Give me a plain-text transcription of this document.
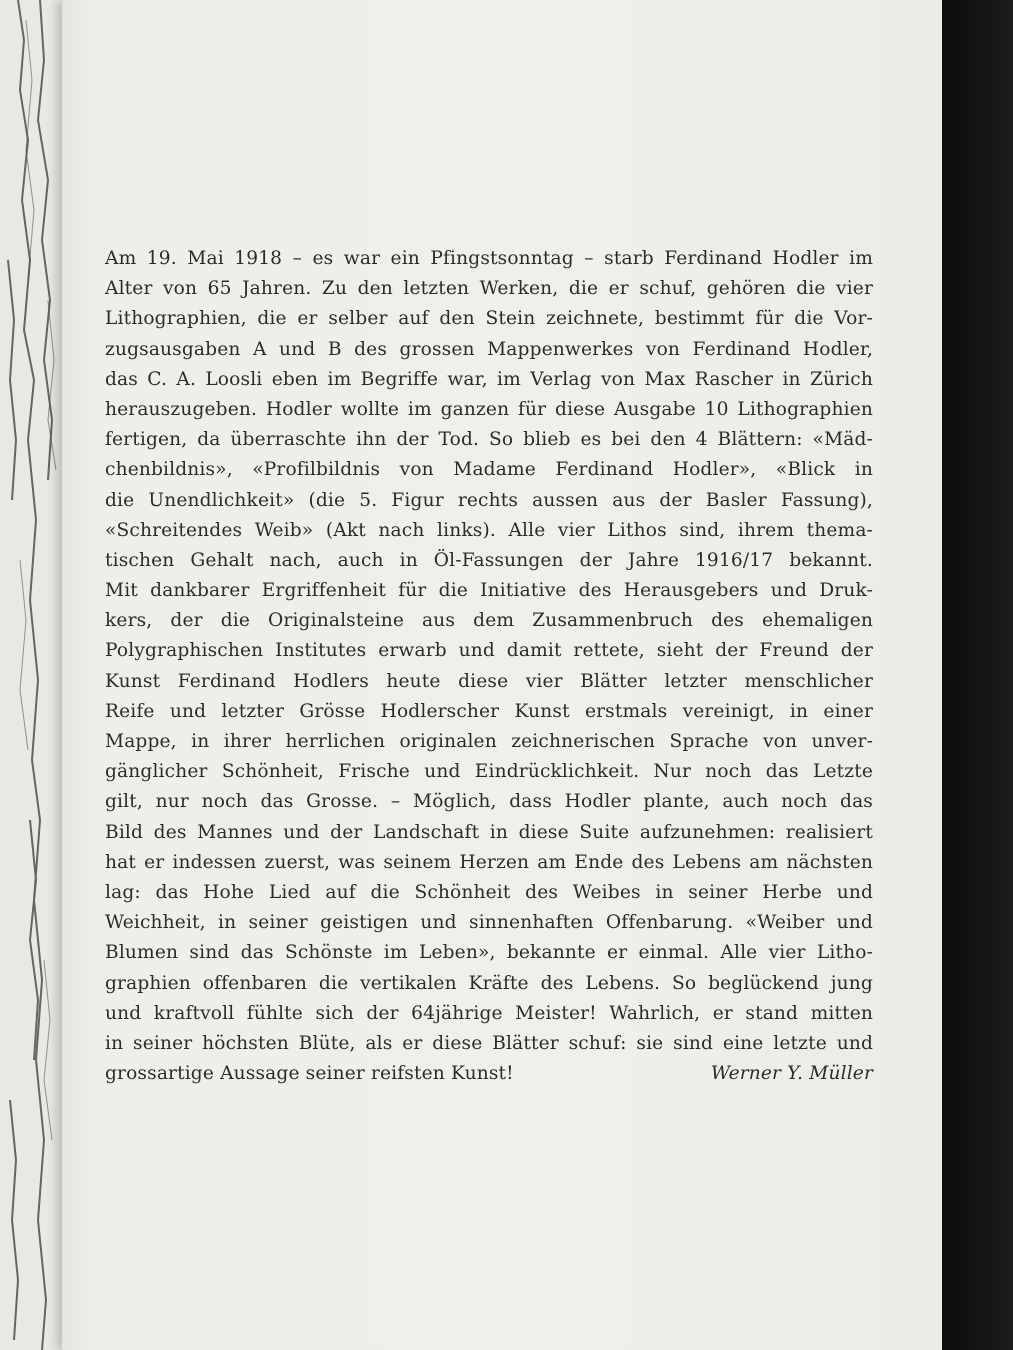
Am 19. Mai 1918 – es war ein Pfingstsonntag – starb Ferdinand Hodler im
Alter von 65 Jahren. Zu den letzten Werken, die er schuf, gehören die vier
Lithographien, die er selber auf den Stein zeichnete, bestimmt für die Vor-
zugsausgaben A und B des grossen Mappenwerkes von Ferdinand Hodler,
das C. A. Loosli eben im Begriffe war, im Verlag von Max Rascher in Zürich
herauszugeben. Hodler wollte im ganzen für diese Ausgabe 10 Lithographien
fertigen, da überraschte ihn der Tod. So blieb es bei den 4 Blättern: «Mäd-
chenbildnis», «Profilbildnis von Madame Ferdinand Hodler», «Blick in
die Unendlichkeit» (die 5. Figur rechts aussen aus der Basler Fassung),
«Schreitendes Weib» (Akt nach links). Alle vier Lithos sind, ihrem thema-
tischen Gehalt nach, auch in Öl-Fassungen der Jahre 1916/17 bekannt.
Mit dankbarer Ergriffenheit für die Initiative des Herausgebers und Druk-
kers, der die Originalsteine aus dem Zusammenbruch des ehemaligen
Polygraphischen Institutes erwarb und damit rettete, sieht der Freund der
Kunst Ferdinand Hodlers heute diese vier Blätter letzter menschlicher
Reife und letzter Grösse Hodlerscher Kunst erstmals vereinigt, in einer
Mappe, in ihrer herrlichen originalen zeichnerischen Sprache von unver-
gänglicher Schönheit, Frische und Eindrücklichkeit. Nur noch das Letzte
gilt, nur noch das Grosse. – Möglich, dass Hodler plante, auch noch das
Bild des Mannes und der Landschaft in diese Suite aufzunehmen: realisiert
hat er indessen zuerst, was seinem Herzen am Ende des Lebens am nächsten
lag: das Hohe Lied auf die Schönheit des Weibes in seiner Herbe und
Weichheit, in seiner geistigen und sinnenhaften Offenbarung. «Weiber und
Blumen sind das Schönste im Leben», bekannte er einmal. Alle vier Litho-
graphien offenbaren die vertikalen Kräfte des Lebens. So beglückend jung
und kraftvoll fühlte sich der 64jährige Meister! Wahrlich, er stand mitten
in seiner höchsten Blüte, als er diese Blätter schuf: sie sind eine letzte und
grossartige Aussage seiner reifsten Kunst!	Werner Y. Müller
